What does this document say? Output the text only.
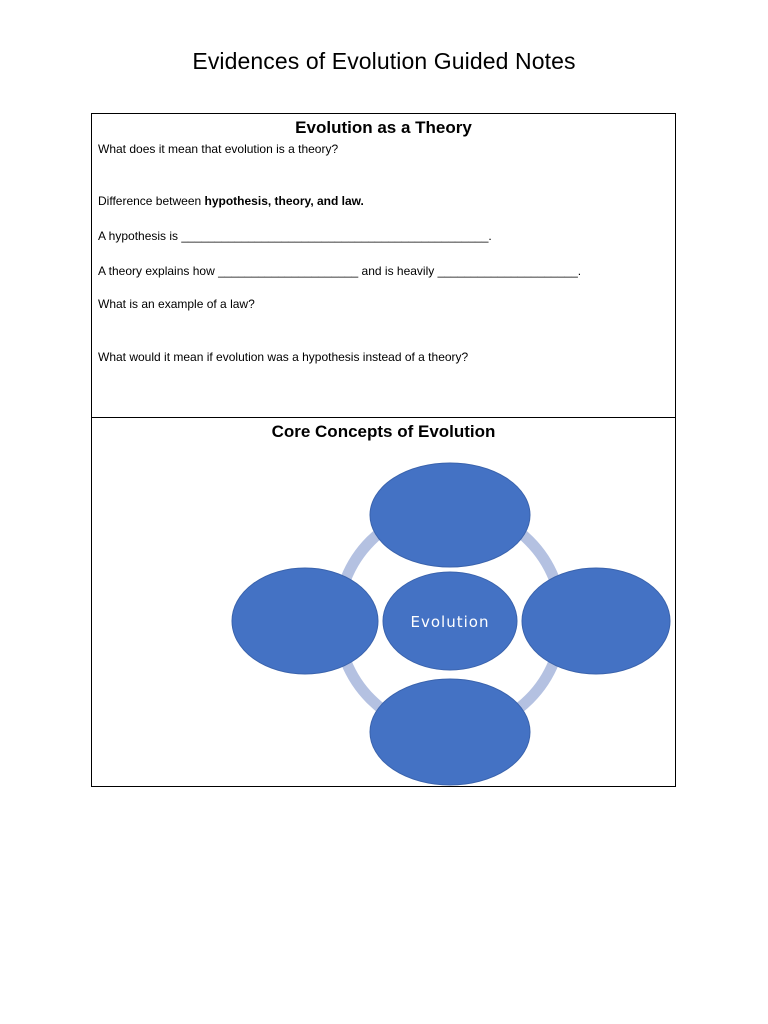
Evidences of Evolution Guided Notes
Evolution as a Theory
What does it mean that evolution is a theory?
Difference between hypothesis, theory, and law.
A hypothesis is ______________________________________________.
A theory explains how _____________________ and is heavily _____________________.
What is an example of a law?
What would it mean if evolution was a hypothesis instead of a theory?
Core Concepts of Evolution
Evolution
